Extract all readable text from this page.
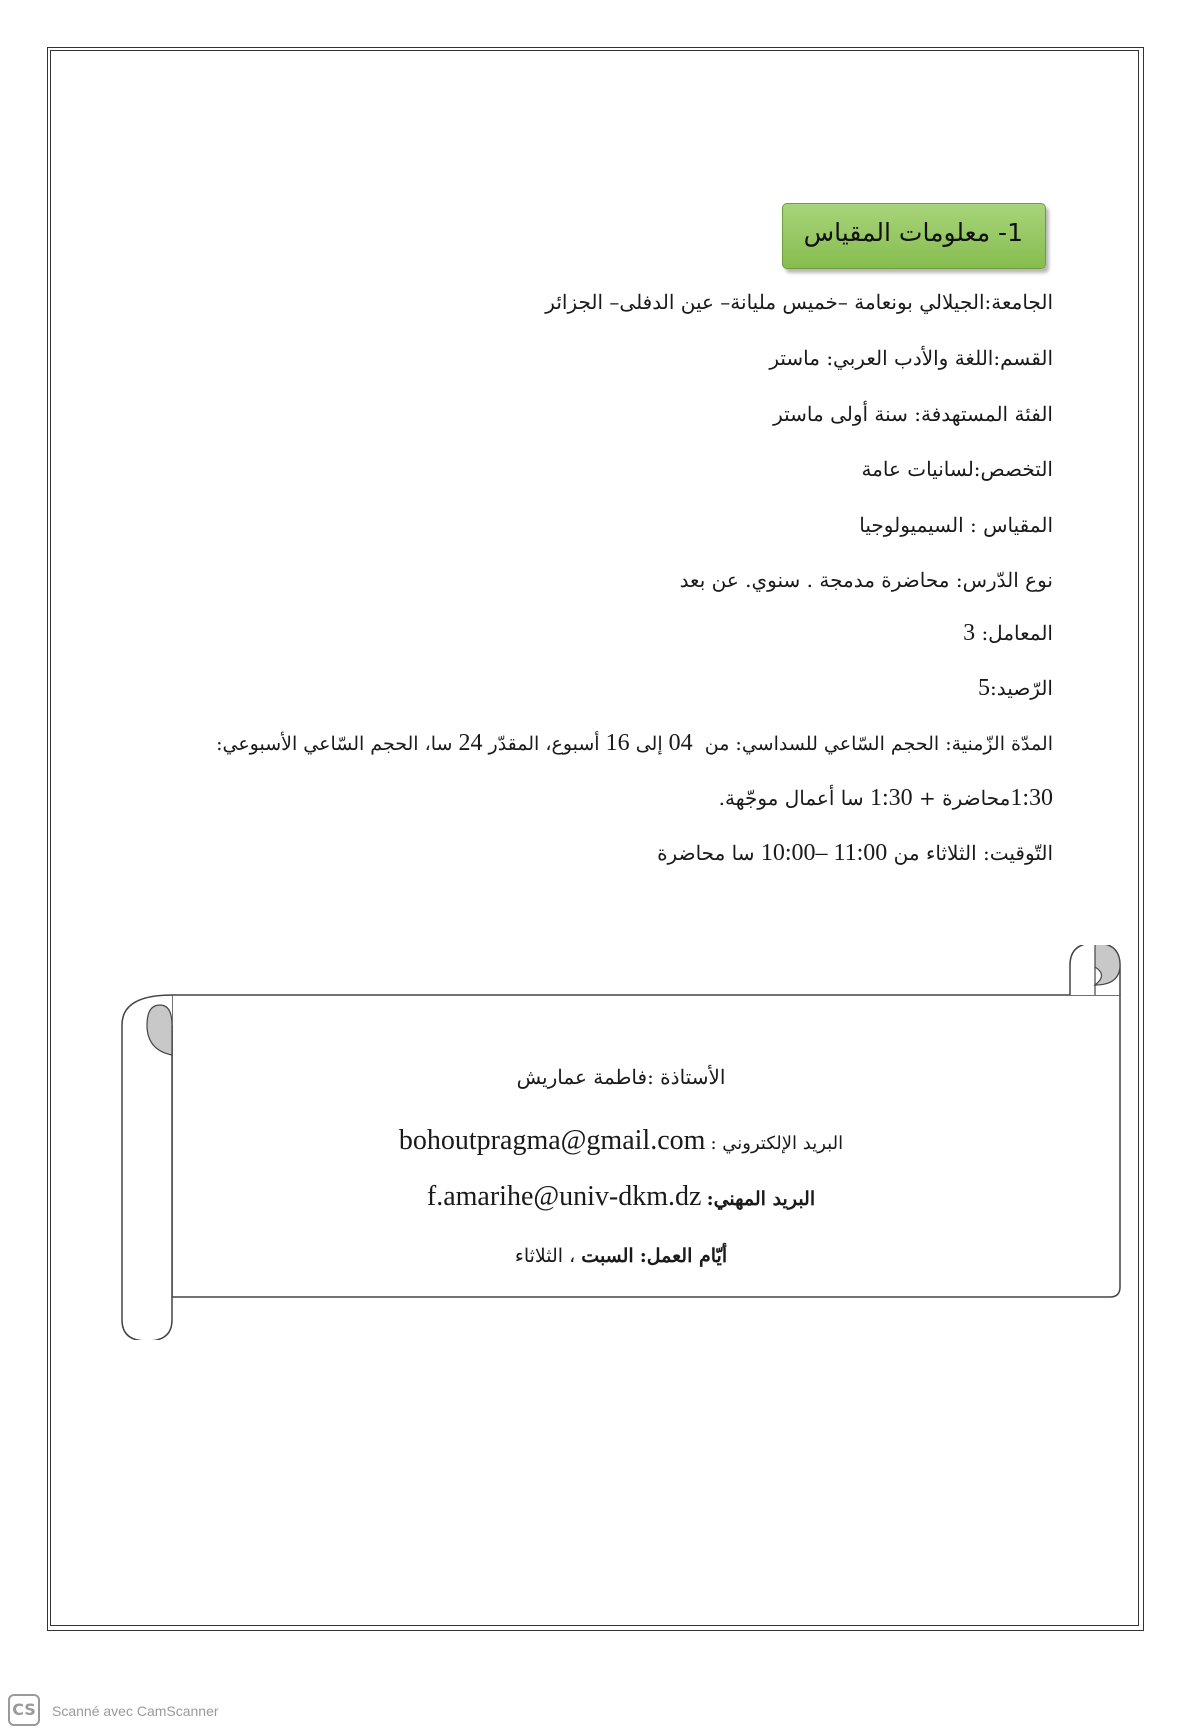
1- معلومات المقياس
الجامعة:الجيلالي بونعامة –خميس مليانة– عين الدفلى– الجزائر
القسم:اللغة والأدب العربي: ماستر
الفئة المستهدفة: سنة أولى ماستر
التخصص:لسانيات عامة
المقياس : السيميولوجيا
نوع الدّرس: محاضرة مدمجة . سنوي. عن بعد
المعامل: 3
الرّصيد:5
المدّة الزّمنية: الحجم السّاعي للسداسي: من  04 إلى 16 أسبوع، المقدّر 24 سا، الحجم السّاعي الأسبوعي:
1:30محاضرة + 1:30 سا أعمال موجّهة.
التّوقيت: الثلاثاء من 10:00– 11:00 سا محاضرة
الأستاذة :فاطمة عماريش
البريد الإلكتروني : bohoutpragma@gmail.com
البريد المهني: f.amarihe@univ-dkm.dz
أيّام العمل: السبت ، الثلاثاء
CS	Scanné avec CamScanner
